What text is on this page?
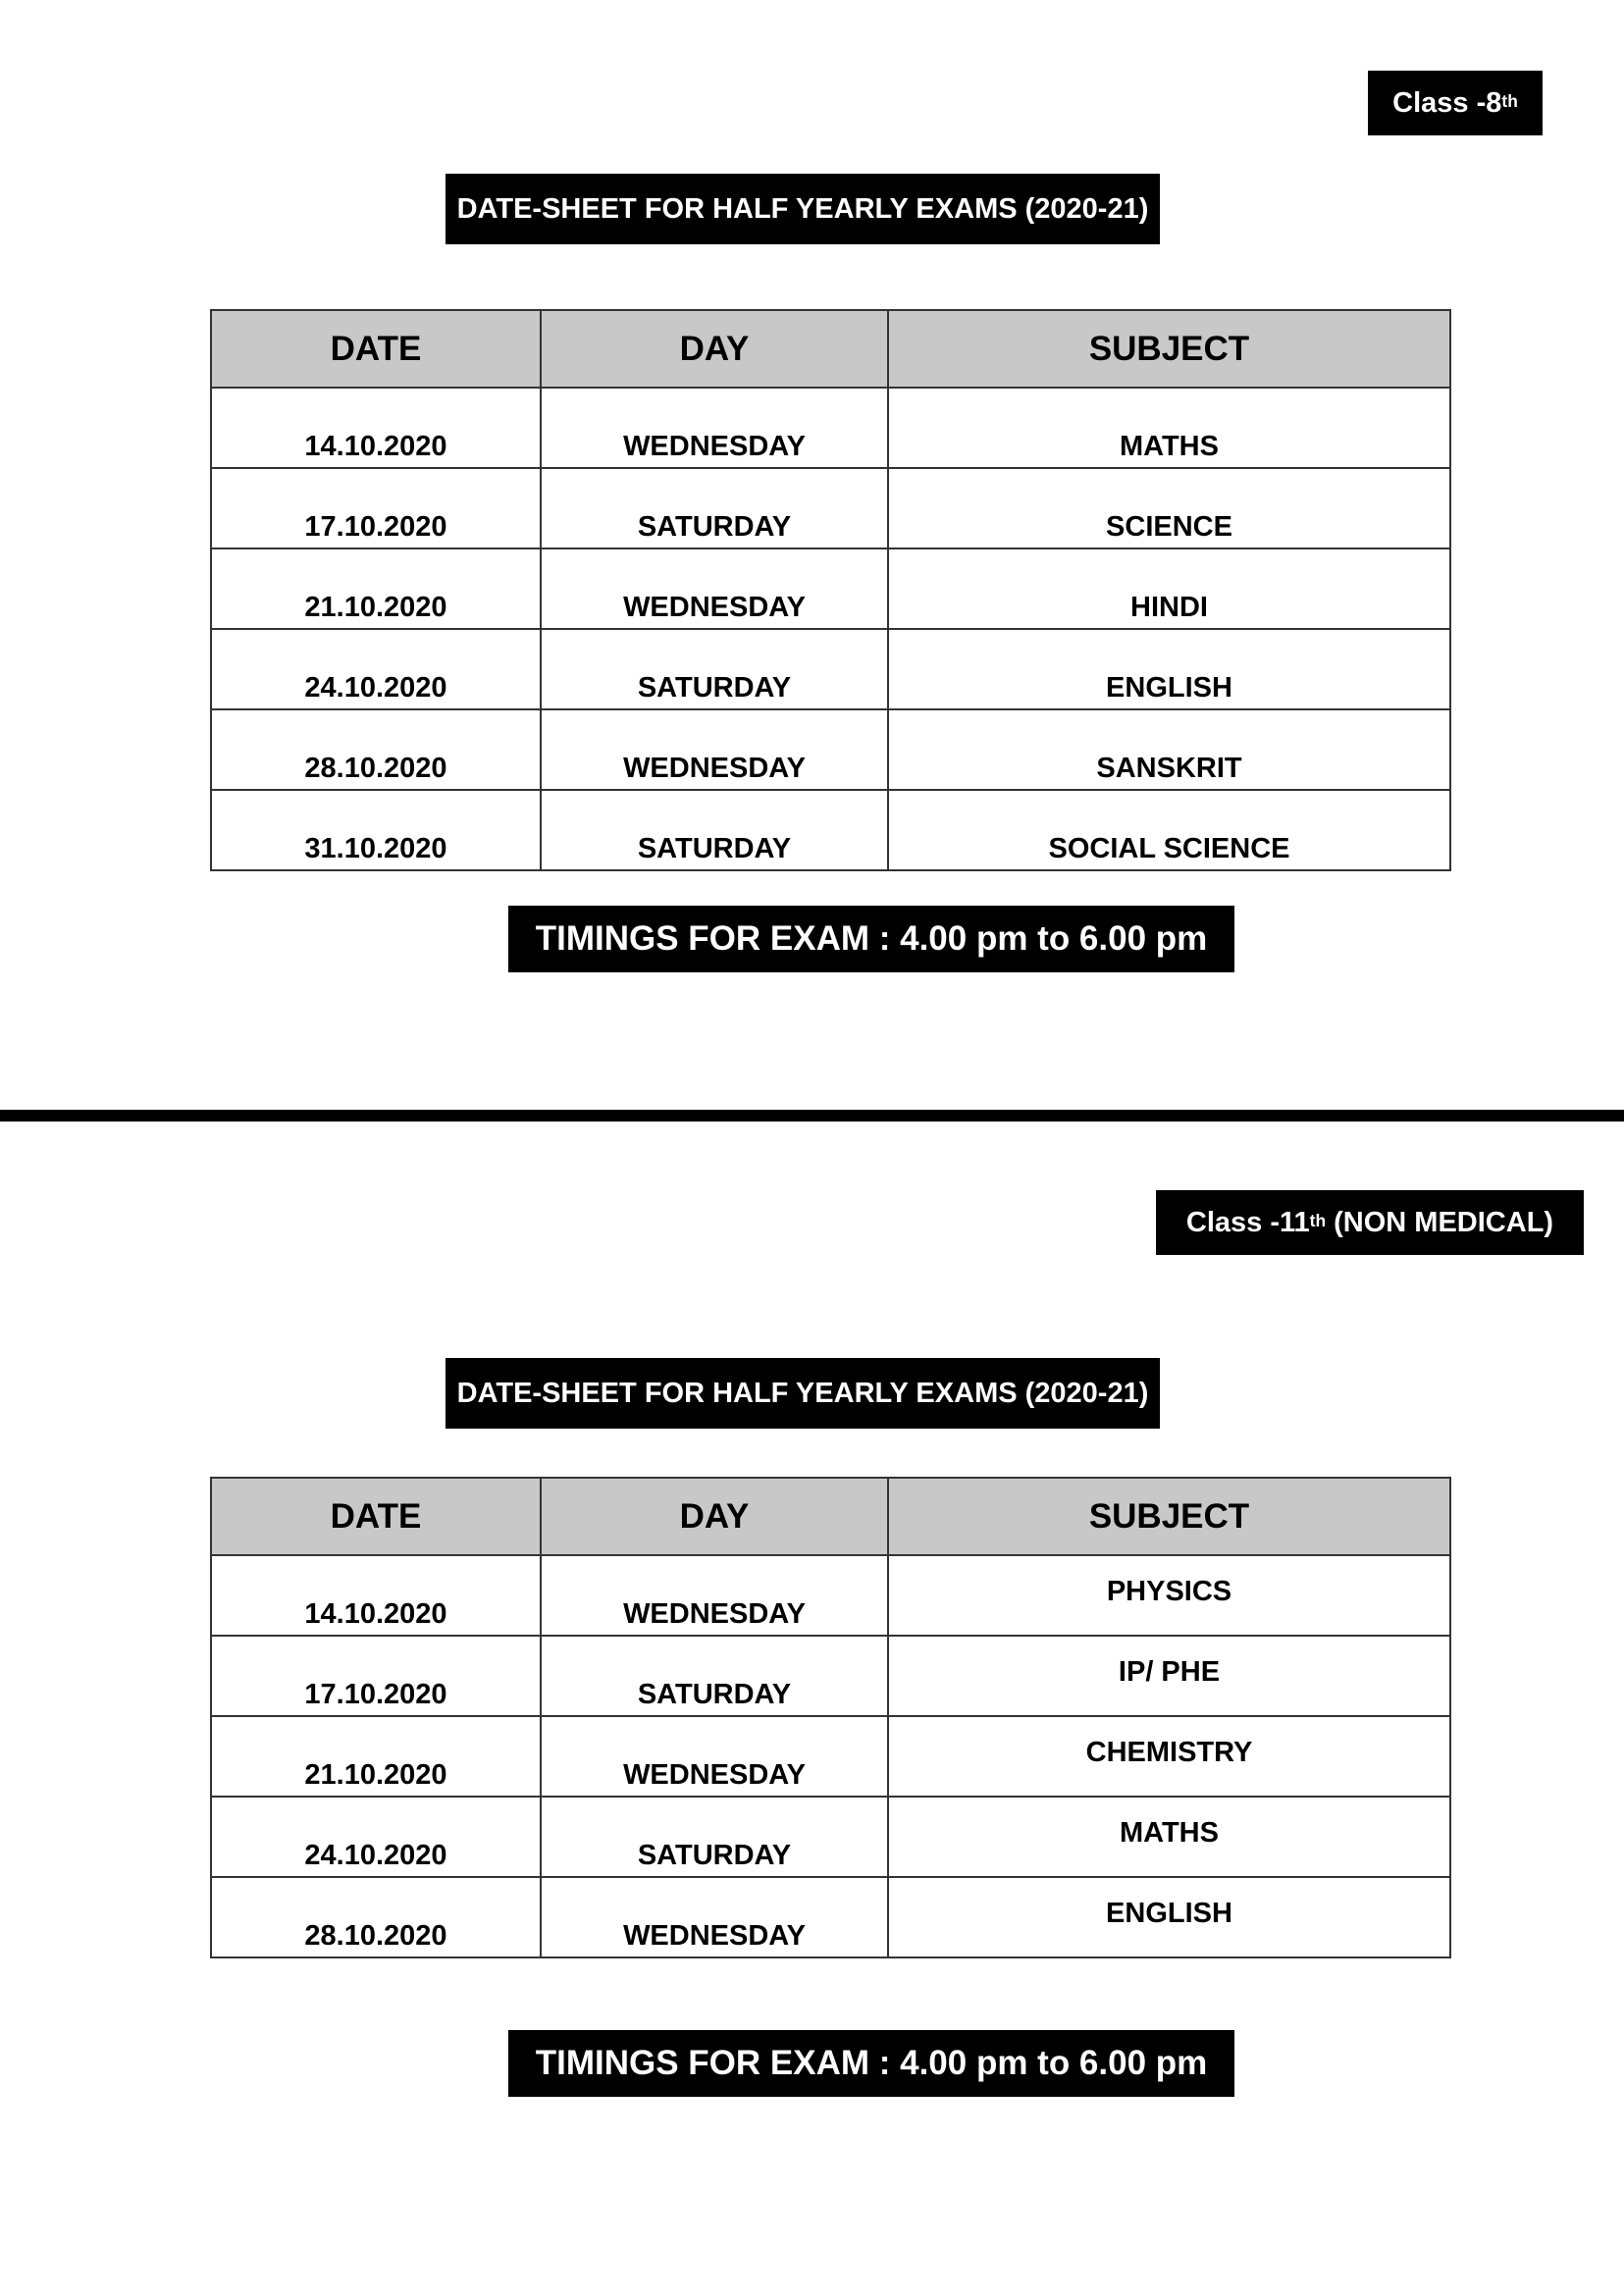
Class -8th
DATE-SHEET FOR HALF YEARLY EXAMS (2020-21)
DATE	DAY	SUBJECT
14.10.2020	WEDNESDAY	MATHS
17.10.2020	SATURDAY	SCIENCE
21.10.2020	WEDNESDAY	HINDI
24.10.2020	SATURDAY	ENGLISH
28.10.2020	WEDNESDAY	SANSKRIT
31.10.2020	SATURDAY	SOCIAL SCIENCE
TIMINGS FOR EXAM : 4.00 pm to 6.00 pm
Class -11th (NON MEDICAL)
DATE-SHEET FOR HALF YEARLY EXAMS (2020-21)
DATE	DAY	SUBJECT
14.10.2020	WEDNESDAY	PHYSICS
17.10.2020	SATURDAY	IP/ PHE
21.10.2020	WEDNESDAY	CHEMISTRY
24.10.2020	SATURDAY	MATHS
28.10.2020	WEDNESDAY	ENGLISH
TIMINGS FOR EXAM : 4.00 pm to 6.00 pm
